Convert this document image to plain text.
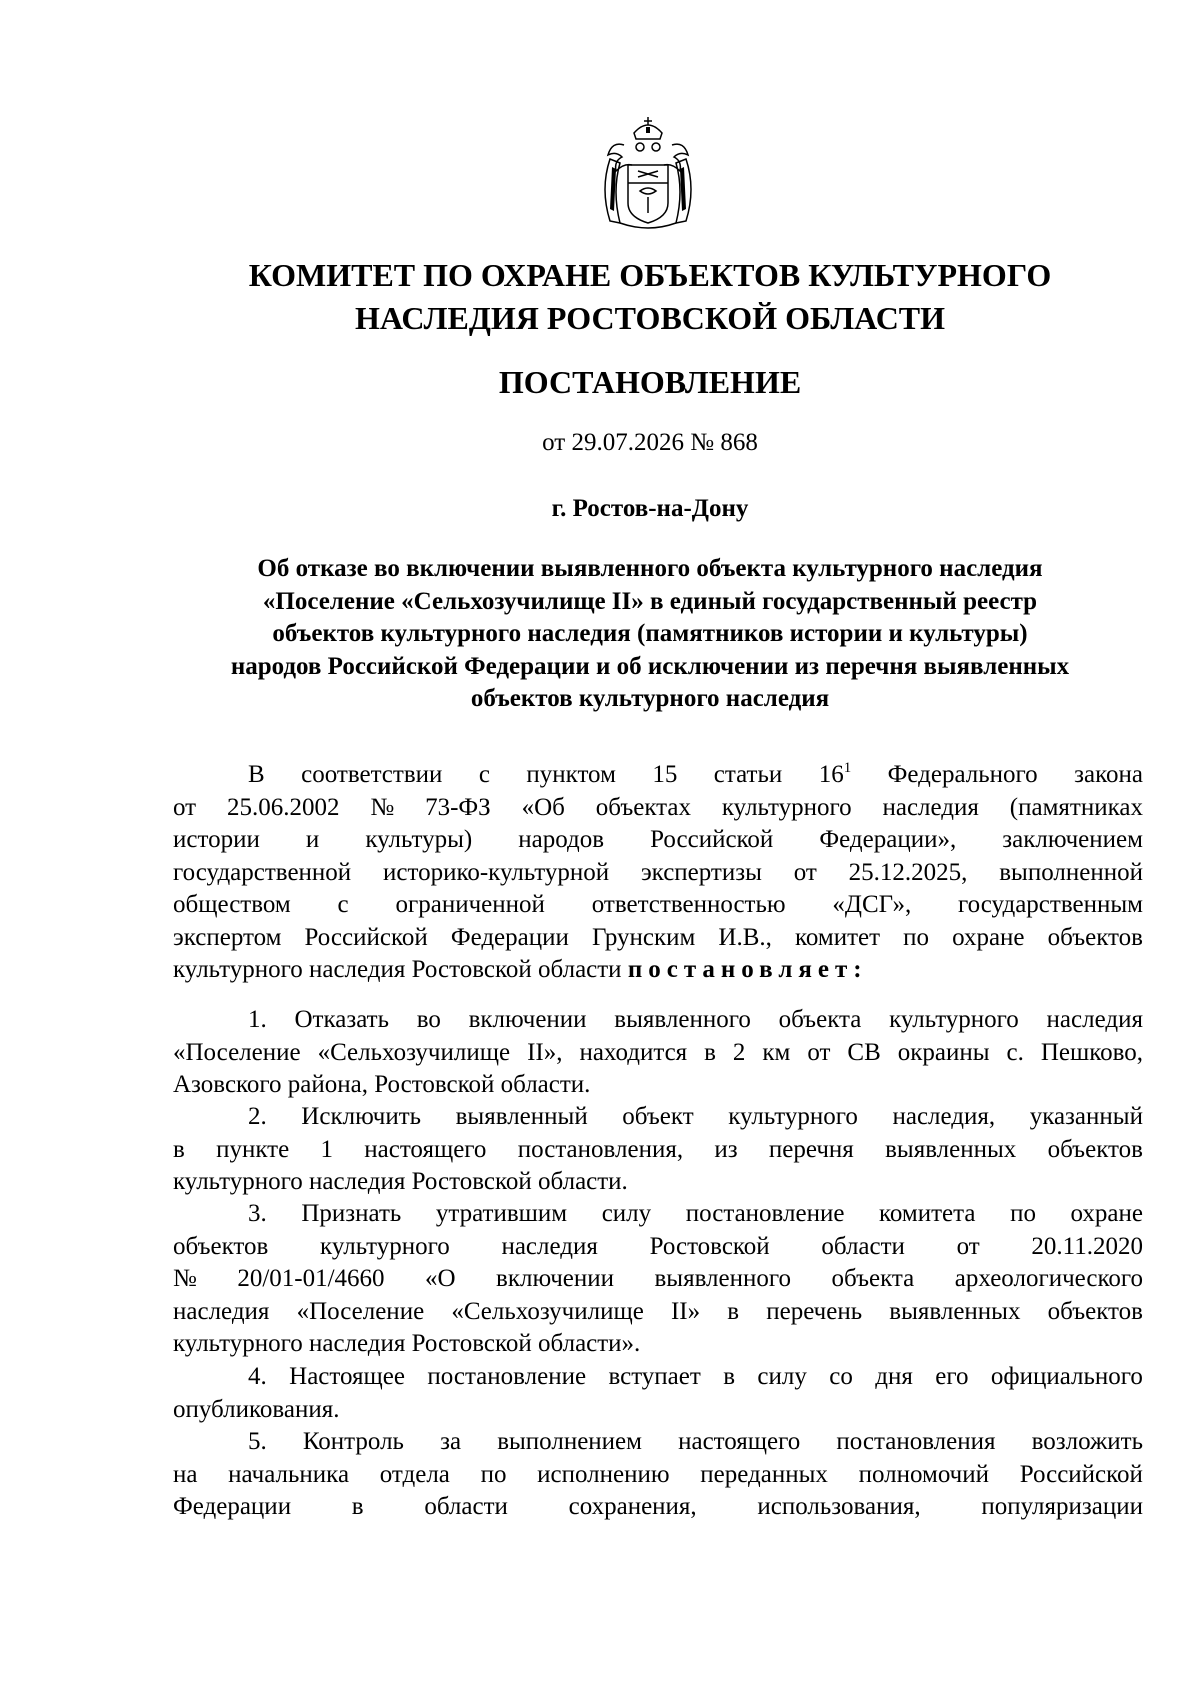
КОМИТЕТ ПО ОХРАНЕ ОБЪЕКТОВ КУЛЬТУРНОГО
НАСЛЕДИЯ РОСТОВСКОЙ ОБЛАСТИ
ПОСТАНОВЛЕНИЕ
от 29.07.2026 № 868
г. Ростов-на-Дону
Об отказе во включении выявленного объекта культурного наследия
«Поселение «Сельхозучилище II» в единый государственный реестр
объектов культурного наследия (памятников истории и культуры)
народов Российской Федерации и об исключении из перечня выявленных
объектов культурного наследия
В соответствии с пунктом 15 статьи $16^1$ Федерального закона
от 25.06.2002 № 73-ФЗ «Об объектах культурного наследия (памятниках
истории и культуры) народов Российской Федерации», заключением
государственной историко-культурной экспертизы от 25.12.2025, выполненной
обществом с ограниченной ответственностью «ДСГ», государственным
экспертом Российской Федерации Грунским И.В., комитет по охране объектов
культурного наследия Ростовской области постановляет:
1. Отказать во включении выявленного объекта культурного наследия
«Поселение «Сельхозучилище II», находится в 2 км от СВ окраины с. Пешково,
Азовского района, Ростовской области.
2. Исключить выявленный объект культурного наследия, указанный
в пункте 1 настоящего постановления, из перечня выявленных объектов
культурного наследия Ростовской области.
3. Признать утратившим силу постановление комитета по охране
объектов культурного наследия Ростовской области от 20.11.2020
№ 20/01-01/4660 «О включении выявленного объекта археологического
наследия «Поселение «Сельхозучилище II» в перечень выявленных объектов
культурного наследия Ростовской области».
4. Настоящее постановление вступает в силу со дня его официального
опубликования.
5. Контроль за выполнением настоящего постановления возложить
на начальника отдела по исполнению переданных полномочий Российской
Федерации в области сохранения, использования, популяризации
